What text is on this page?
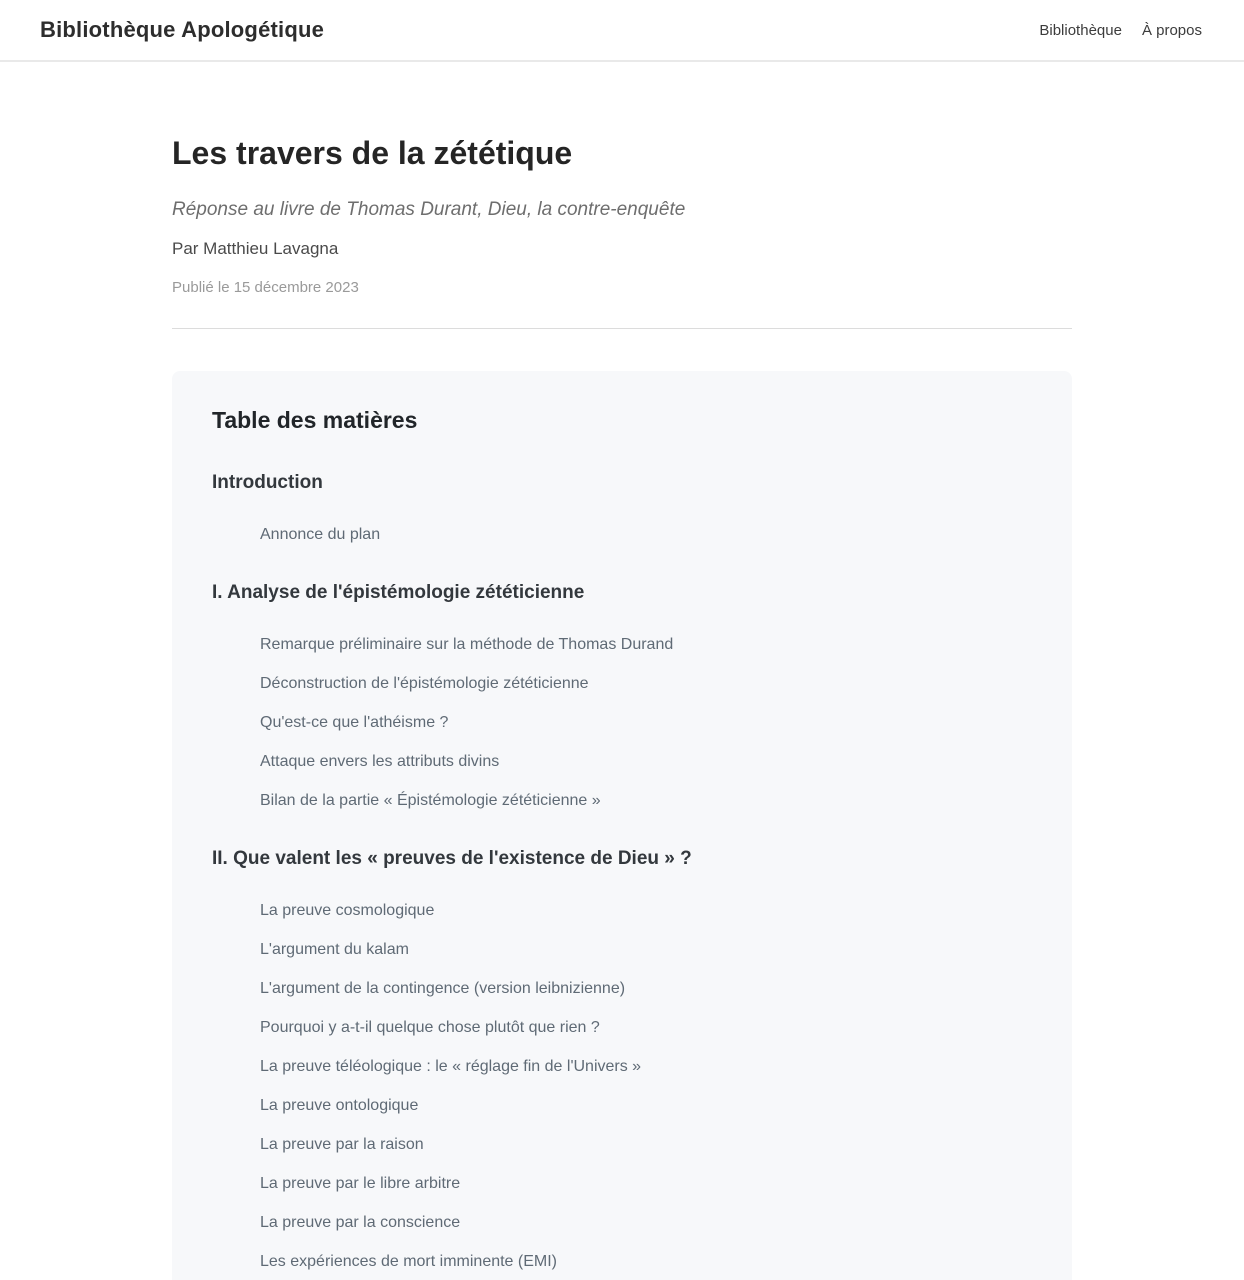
Bibliothèque Apologétique	Bibliothèque À propos
Les travers de la zététique

Réponse au livre de Thomas Durant, Dieu, la contre-enquête

Par Matthieu Lavagna

Publié le 15 décembre 2023

Table des matières
Introduction
Annonce du plan
I. Analyse de l'épistémologie zététicienne
Remarque préliminaire sur la méthode de Thomas Durand
Déconstruction de l'épistémologie zététicienne
Qu'est-ce que l'athéisme ?
Attaque envers les attributs divins
Bilan de la partie « Épistémologie zététicienne »
II. Que valent les « preuves de l'existence de Dieu » ?
La preuve cosmologique
L'argument du kalam
L'argument de la contingence (version leibnizienne)
Pourquoi y a-t-il quelque chose plutôt que rien ?
La preuve téléologique : le « réglage fin de l'Univers »
La preuve ontologique
La preuve par la raison
La preuve par le libre arbitre
La preuve par la conscience
Les expériences de mort imminente (EMI)
